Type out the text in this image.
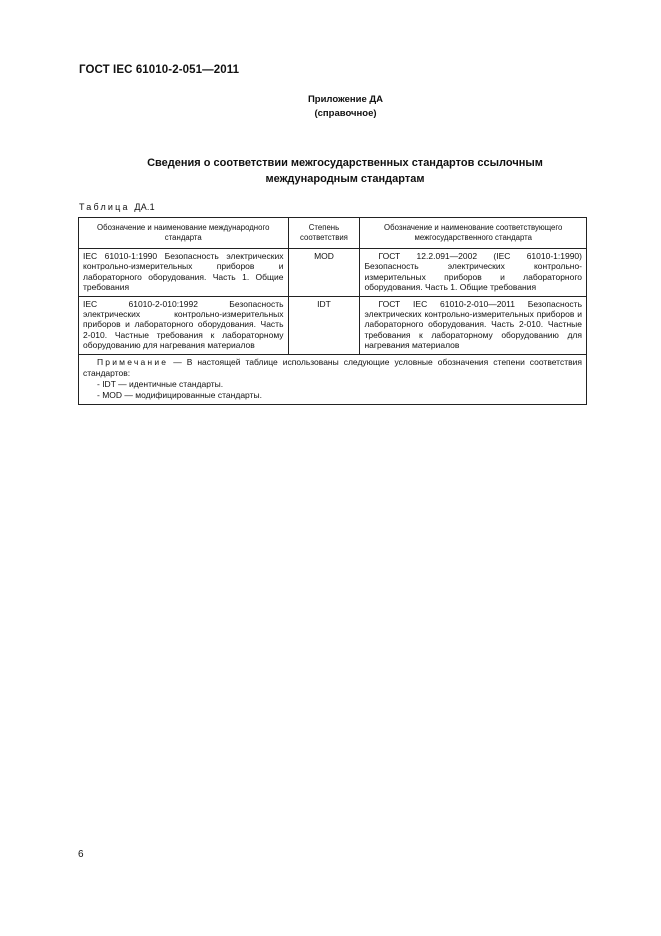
ГОСТ IEC 61010-2-051—2011
Приложение ДА
(справочное)
Сведения о соответствии межгосударственных стандартов ссылочным международным стандартам
Таблица ДА.1
Обозначение и наименование международного стандарта	Степень соответствия	Обозначение и наименование соответствующего межгосударственного стандарта
IEC 61010-1:1990 Безопасность электрических контрольно-измерительных приборов и лабораторного оборудования. Часть 1. Общие требования	MOD	ГОСТ 12.2.091—2002 (IEC 61010-1:1990) Безопасность электрических контрольно-измерительных приборов и лабораторного оборудования. Часть 1. Общие требования
IEC 61010-2-010:1992 Безопасность электрических контрольно-измерительных приборов и лабораторного оборудования. Часть 2-010. Частные требования к лабораторному оборудованию для нагревания материалов	IDT	ГОСТ IEC 61010-2-010—2011 Безопасность электрических контрольно-измерительных приборов и лабораторного оборудования. Часть 2-010. Частные требования к лабораторному оборудованию для нагревания материалов

Примечание — В настоящей таблице использованы следующие условные обозначения степени соответствия стандартов:
- IDT — идентичные стандарты.
- MOD — модифицированные стандарты.		
6
